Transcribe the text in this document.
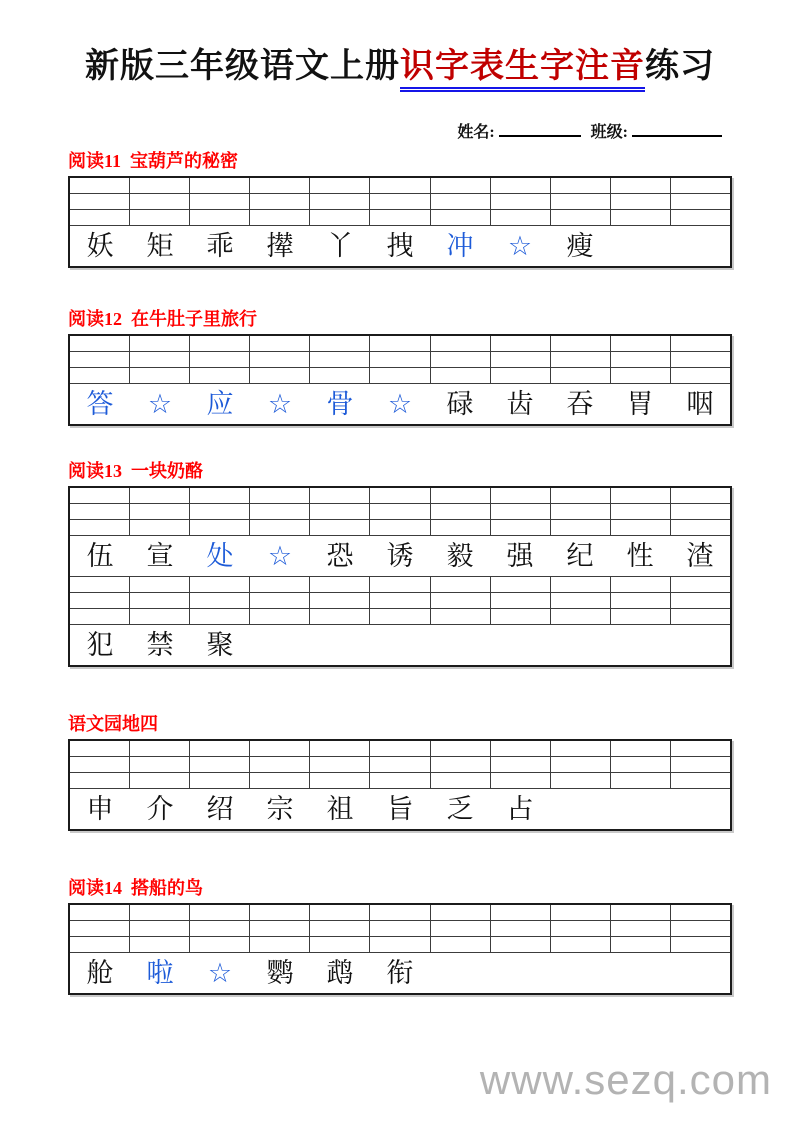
新版三年级语文上册识字表生字注音练习
姓名:	班级:
阅读11  宝葫芦的秘密
妖	矩	乖	撵	丫	拽	冲	☆	瘦
阅读12  在牛肚子里旅行
答	☆	应	☆	骨	☆	碌	齿	吞	胃	咽
阅读13  一块奶酪
伍	宣	处	☆	恐	诱	毅	强	纪	性	渣
犯	禁	聚
语文园地四
申	介	绍	宗	祖	旨	乏	占
阅读14  搭船的鸟
舱	啦	☆	鹦	鹉	衔
www.sezq.com
